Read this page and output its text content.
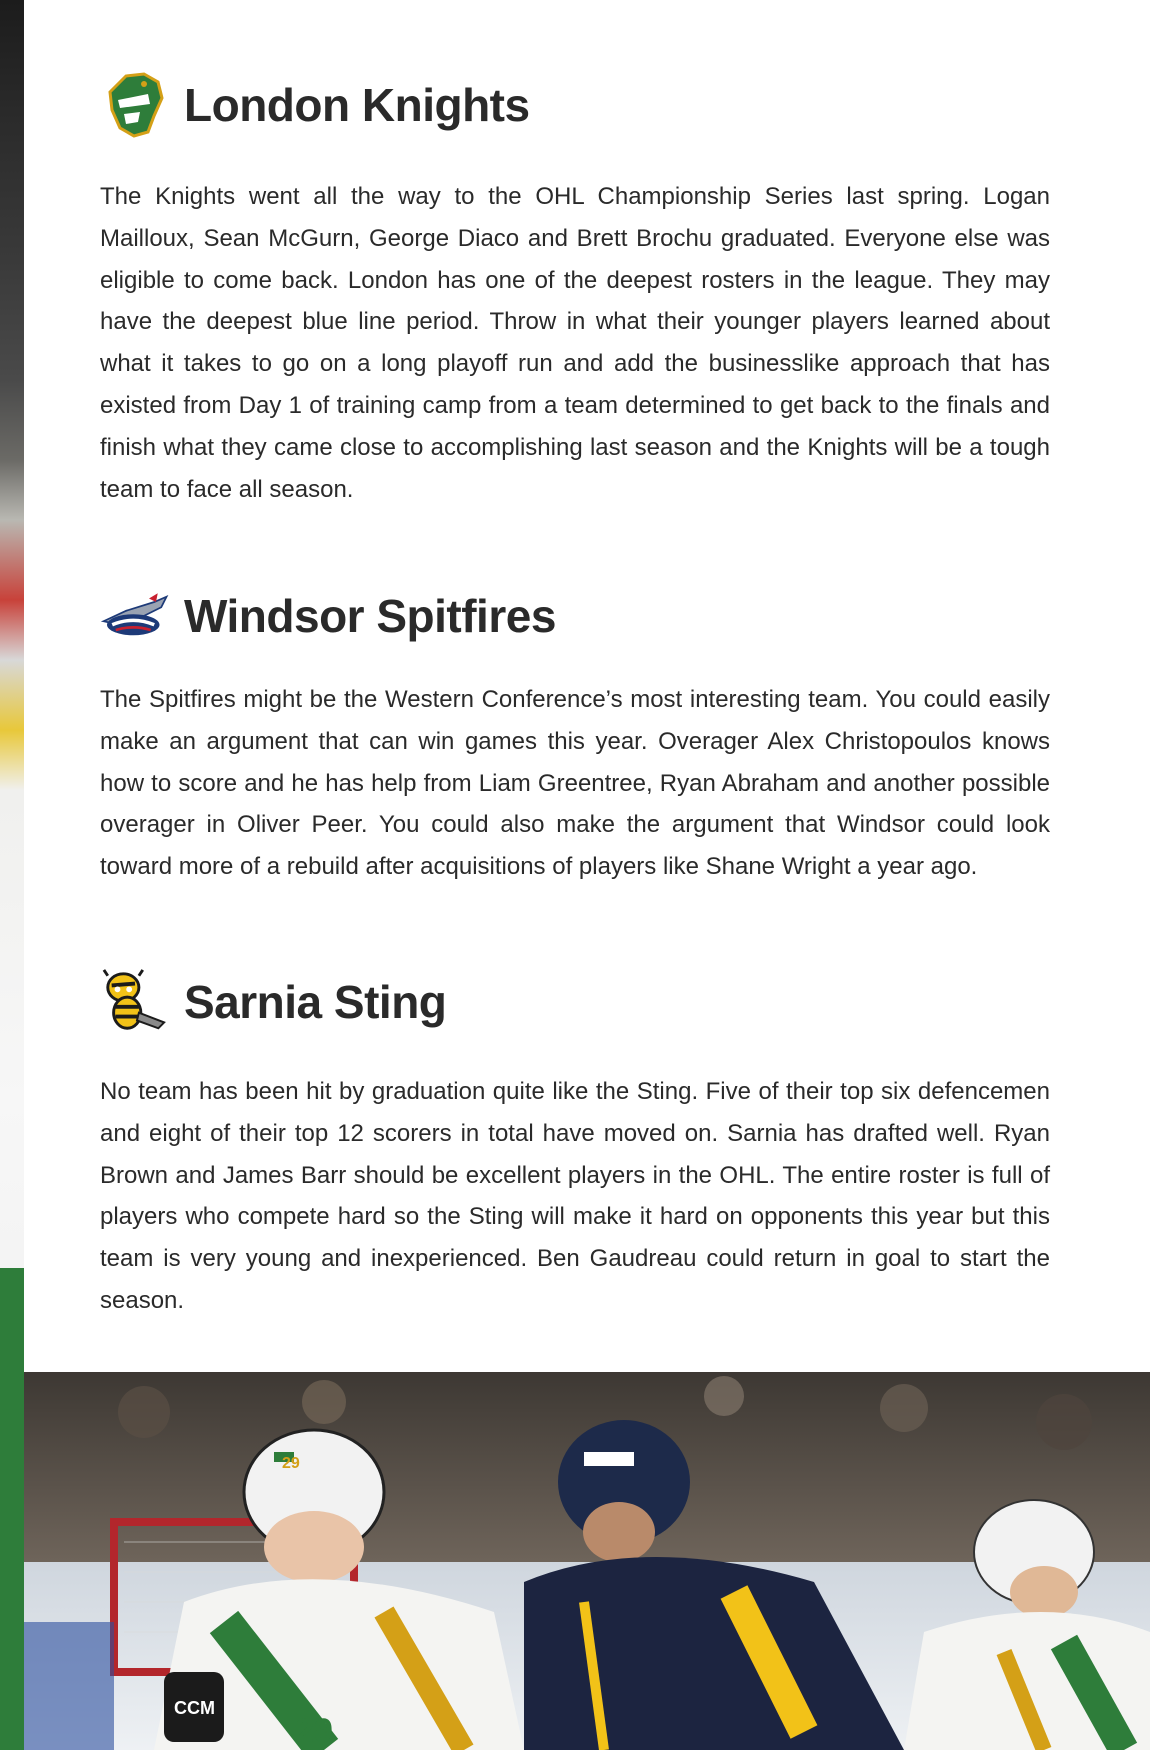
London Knights
The Knights went all the way to the OHL Championship Series last spring. Logan Mailloux, Sean McGurn, George Diaco and Brett Brochu graduated. Everyone else was eligible to come back. London has one of the deepest rosters in the league. They may have the deepest blue line period. Throw in what their younger players learned about what it takes to go on a long playoff run and add the businesslike approach that has existed from Day 1 of training camp from a team determined to get back to the finals and finish what they came close to accomplishing last season and the Knights will be a tough team to face all season.
Windsor Spitfires
The Spitfires might be the Western Conference’s most interesting team. You could easily make an argument that can win games this year. Overager Alex Christopoulos knows how to score and he has help from Liam Greentree, Ryan Abraham and another possible overager in Oliver Peer. You could also make the argument that Windsor could look toward more of a rebuild after acquisitions of players like Shane Wright a year ago.
Sarnia Sting
No team has been hit by graduation quite like the Sting. Five of their top six defencemen and eight of their top 12 scorers in total have moved on. Sarnia has drafted well. Ryan Brown and James Barr should be excellent players in the OHL. The entire roster is full of players who compete hard so the Sting will make it hard on opponents this year but this team is very young and inexperienced. Ben Gaudreau could return in goal to start the season.
29
29
CCM
